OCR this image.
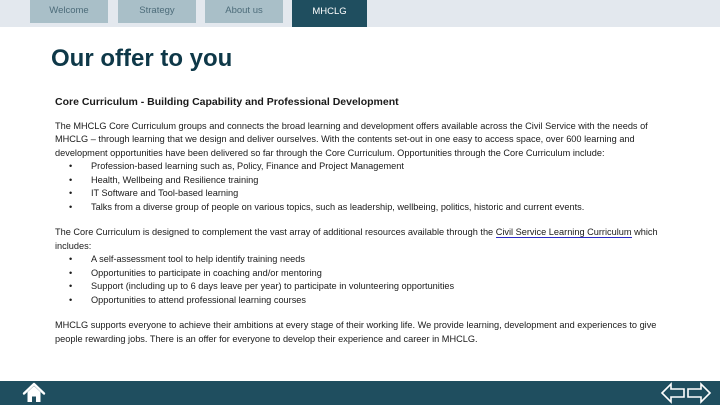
Welcome	Strategy	About us	MHCLG
Our offer to you
Core Curriculum - Building Capability and Professional Development

The MHCLG Core Curriculum groups and connects the broad learning and development offers available across the Civil Service with the needs of MHCLG – through learning that we design and deliver ourselves. With the contents set-out in one easy to access space, over 600 learning and development opportunities have been delivered so far through the Core Curriculum. Opportunities through the Core Curriculum include:

• Profession-based learning such as, Policy, Finance and Project Management
• Health, Wellbeing and Resilience training
• IT Software and Tool-based learning
• Talks from a diverse group of people on various topics, such as leadership, wellbeing, politics, historic and current events.

The Core Curriculum is designed to complement the vast array of additional resources available through the Civil Service Learning Curriculum which includes:

• A self-assessment tool to help identify training needs
• Opportunities to participate in coaching and/or mentoring
• Support (including up to 6 days leave per year) to participate in volunteering opportunities
• Opportunities to attend professional learning courses

MHCLG supports everyone to achieve their ambitions at every stage of their working life. We provide learning, development and experiences to give people rewarding jobs. There is an offer for everyone to develop their experience and career in MHCLG.
